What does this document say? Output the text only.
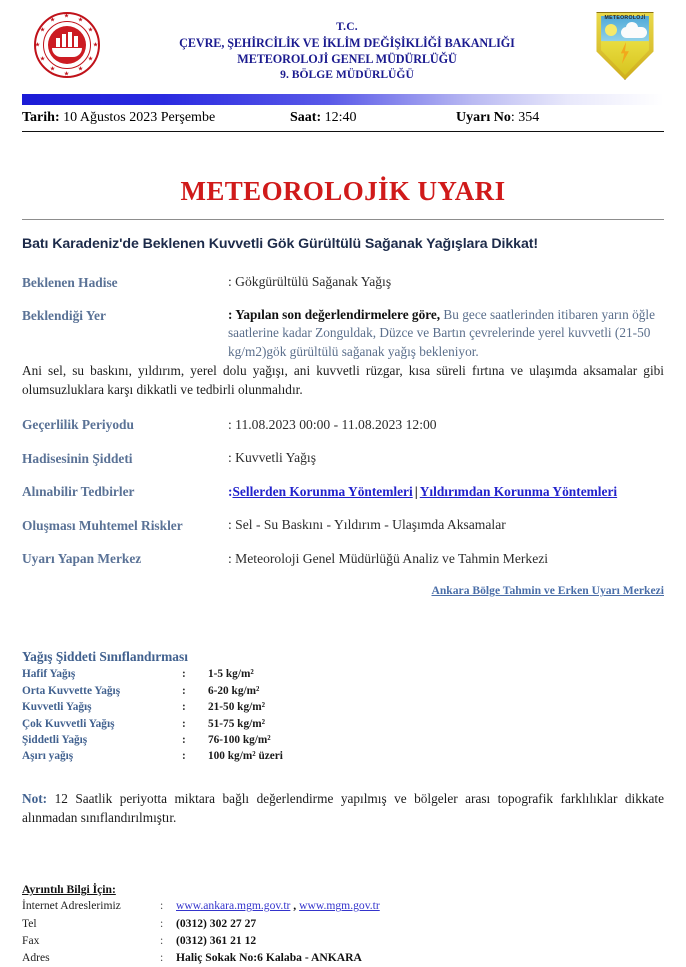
T.C.
ÇEVRE, ŞEHİRCİLİK VE İKLİM DEĞİŞİKLİĞİ BAKANLIĞI
METEOROLOJİ GENEL MÜDÜRLÜĞÜ
9. BÖLGE MÜDÜRLÜĞÜ
METEOROLOJİ
Tarih: 10 Ağustos 2023 Perşembe	Saat: 12:40	Uyarı No: 354
METEOROLOJİK UYARI
Batı Karadeniz'de Beklenen Kuvvetli Gök Gürültülü Sağanak Yağışlara Dikkat!
Beklenen Hadise	: Gökgürültülü Sağanak Yağış
Beklendiği Yer	: Yapılan son değerlendirmelere göre, Bu gece saatlerinden itibaren yarın öğle saatlerine kadar Zonguldak, Düzce ve Bartın çevrelerinde yerel kuvvetli (21-50 kg/m2)gök gürültülü sağanak yağış bekleniyor.
Ani sel, su baskını, yıldırım, yerel dolu yağışı, ani kuvvetli rüzgar, kısa süreli fırtına ve ulaşımda aksamalar gibi olumsuzluklara karşı dikkatli ve tedbirli olunmalıdır.
Geçerlilik Periyodu	: 11.08.2023 00:00 - 11.08.2023 12:00
Hadisesinin Şiddeti	: Kuvvetli Yağış
Alınabilir Tedbirler	:Sellerden Korunma Yöntemleri | Yıldırımdan Korunma Yöntemleri
Oluşması Muhtemel Riskler	: Sel - Su Baskını - Yıldırım - Ulaşımda Aksamalar
Uyarı Yapan Merkez	: Meteoroloji Genel Müdürlüğü Analiz ve Tahmin Merkezi
Ankara Bölge Tahmin ve Erken Uyarı Merkezi
Yağış Şiddeti Sınıflandırması
Hafif Yağış	:	1-5 kg/m²
Orta Kuvvette Yağış	:	6-20 kg/m²
Kuvvetli Yağış	:	21-50 kg/m²
Çok Kuvvetli Yağış	:	51-75 kg/m²
Şiddetli Yağış	:	76-100 kg/m²
Aşırı yağış	:	100 kg/m² üzeri
Not: 12 Saatlik periyotta miktara bağlı değerlendirme yapılmış ve bölgeler arası topografik farklılıklar dikkate alınmadan sınıflandırılmıştır.
Ayrıntılı Bilgi İçin:
İnternet Adreslerimiz	:	www.ankara.mgm.gov.tr , www.mgm.gov.tr
Tel	:	(0312) 302 27 27
Fax	:	(0312) 361 21 12
Adres	:	Haliç Sokak No:6 Kalaba - ANKARA
